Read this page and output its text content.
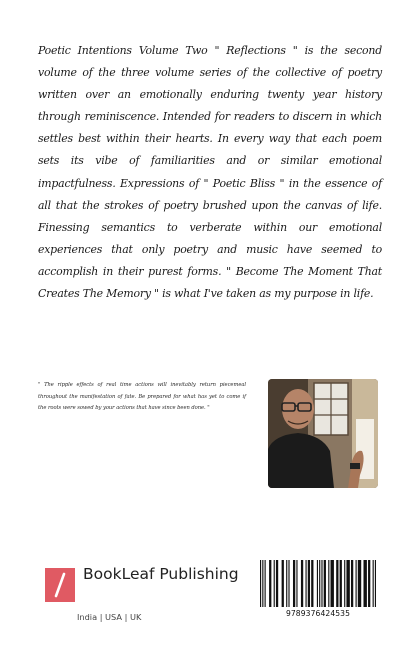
Poetic Intentions Volume Two " Reflections " is the second volume of the three volume series of the collective of poetry written over an emotionally enduring twenty year history through reminiscence. Intended for readers to discern in which settles best within their hearts. In every way that each poem sets its vibe of familiarities and or similar emotional impactfulness. Expressions of " Poetic Bliss " in the essence of all that the strokes of poetry brushed upon the canvas of life. Finessing semantics to verberate within our emotional experiences that only poetry and music have seemed to accomplish in their purest forms. " Become The Moment That Creates The Memory " is what I've taken as my purpose in life.

" The ripple effects of real time actions will inevitably return piecemeal throughout the manifestation of fate. Be prepared for what has yet to come if the roots were sowed by your actions that have since been done. "

BookLeaf Publishing
India | USA | UK	9789376424535
